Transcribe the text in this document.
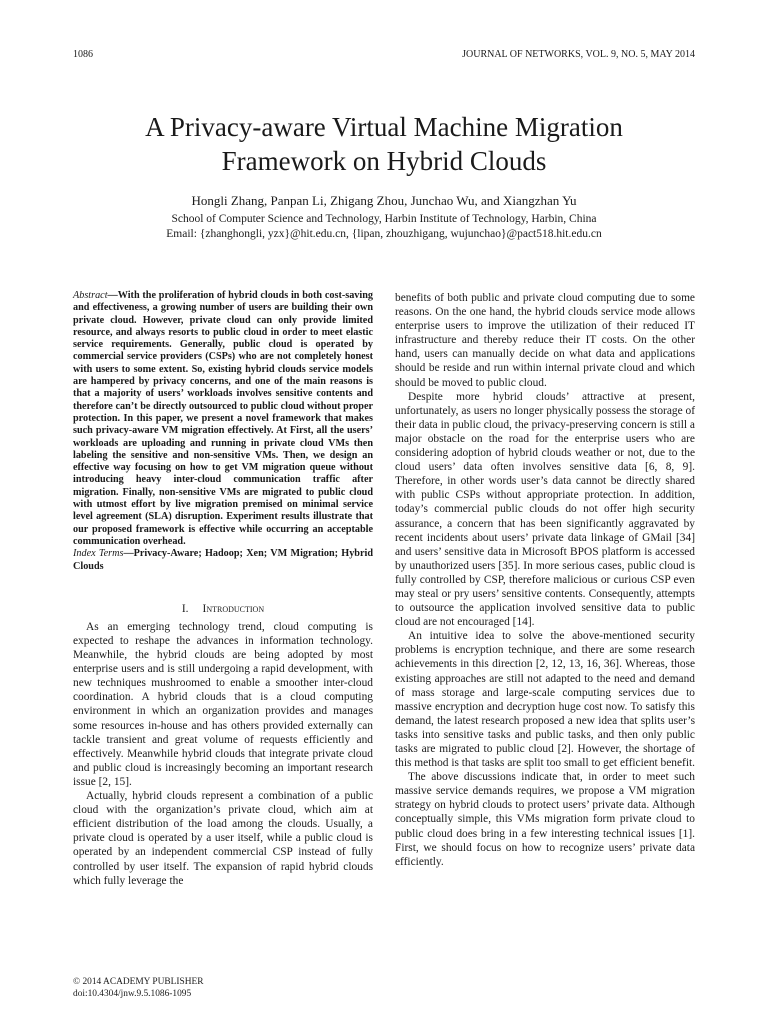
1086	JOURNAL OF NETWORKS, VOL. 9, NO. 5, MAY 2014
A Privacy-aware Virtual Machine Migration
Framework on Hybrid Clouds
Hongli Zhang, Panpan Li, Zhigang Zhou, Junchao Wu, and Xiangzhan Yu
School of Computer Science and Technology, Harbin Institute of Technology, Harbin, China
Email: {zhanghongli, yzx}@hit.edu.cn, {lipan, zhouzhigang, wujunchao}@pact518.hit.edu.cn

Abstract—With the proliferation of hybrid clouds in both cost-saving and effectiveness, a growing number of users are building their own private cloud. However, private cloud can only provide limited resource, and always resorts to public cloud in order to meet elastic service requirements. Generally, public cloud is operated by commercial service providers (CSPs) who are not completely honest with users to some extent. So, existing hybrid clouds service models are hampered by privacy concerns, and one of the main reasons is that a majority of users’ workloads involves sensitive contents and therefore can’t be directly outsourced to public cloud without proper protection. In this paper, we present a novel framework that makes such privacy-aware VM migration effectively. At First, all the users’ workloads are uploading and running in private cloud VMs then labeling the sensitive and non-sensitive VMs. Then, we design an effective way focusing on how to get VM migration queue without introducing heavy inter-cloud communication traffic after migration. Finally, non-sensitive VMs are migrated to public cloud with utmost effort by live migration premised on minimal service level agreement (SLA) disruption. Experiment results illustrate that our proposed framework is effective while occurring an acceptable communication overhead.

Index Terms—Privacy-Aware; Hadoop; Xen; VM Migration; Hybrid Clouds

I. Introduction

As an emerging technology trend, cloud computing is expected to reshape the advances in information technology. Meanwhile, the hybrid clouds are being adopted by most enterprise users and is still undergoing a rapid development, with new techniques mushroomed to enable a smoother inter-cloud coordination. A hybrid clouds that is a cloud computing environment in which an organization provides and manages some resources in-house and has others provided externally can tackle transient and great volume of requests efficiently and effectively. Meanwhile hybrid clouds that integrate private cloud and public cloud is increasingly becoming an important research issue [2, 15].

Actually, hybrid clouds represent a combination of a public cloud with the organization’s private cloud, which aim at efficient distribution of the load among the clouds. Usually, a private cloud is operated by a user itself, while a public cloud is operated by an independent commercial CSP instead of fully controlled by user itself. The expansion of rapid hybrid clouds which fully leverage the

benefits of both public and private cloud computing due to some reasons. On the one hand, the hybrid clouds service mode allows enterprise users to improve the utilization of their reduced IT infrastructure and thereby reduce their IT costs. On the other hand, users can manually decide on what data and applications should be reside and run within internal private cloud and which should be moved to public cloud.

Despite more hybrid clouds’ attractive at present, unfortunately, as users no longer physically possess the storage of their data in public cloud, the privacy-preserving concern is still a major obstacle on the road for the enterprise users who are considering adoption of hybrid clouds weather or not, due to the cloud users’ data often involves sensitive data [6, 8, 9]. Therefore, in other words user’s data cannot be directly shared with public CSPs without appropriate protection. In addition, today’s commercial public clouds do not offer high security assurance, a concern that has been significantly aggravated by recent incidents about users’ private data linkage of GMail [34] and users’ sensitive data in Microsoft BPOS platform is accessed by unauthorized users [35]. In more serious cases, public cloud is fully controlled by CSP, therefore malicious or curious CSP even may steal or pry users’ sensitive contents. Consequently, attempts to outsource the application involved sensitive data to public cloud are not encouraged [14].

An intuitive idea to solve the above-mentioned security problems is encryption technique, and there are some research achievements in this direction [2, 12, 13, 16, 36]. Whereas, those existing approaches are still not adapted to the need and demand of mass storage and large-scale computing services due to massive encryption and decryption huge cost now. To satisfy this demand, the latest research proposed a new idea that splits user’s tasks into sensitive tasks and public tasks, and then only public tasks are migrated to public cloud [2]. However, the shortage of this method is that tasks are split too small to get efficient benefit.

The above discussions indicate that, in order to meet such massive service demands requires, we propose a VM migration strategy on hybrid clouds to protect users’ private data. Although conceptually simple, this VMs migration form private cloud to public cloud does bring in a few interesting technical issues [1]. First, we should focus on how to recognize users’ private data efficiently.

© 2014 ACADEMY PUBLISHER
doi:10.4304/jnw.9.5.1086-1095
